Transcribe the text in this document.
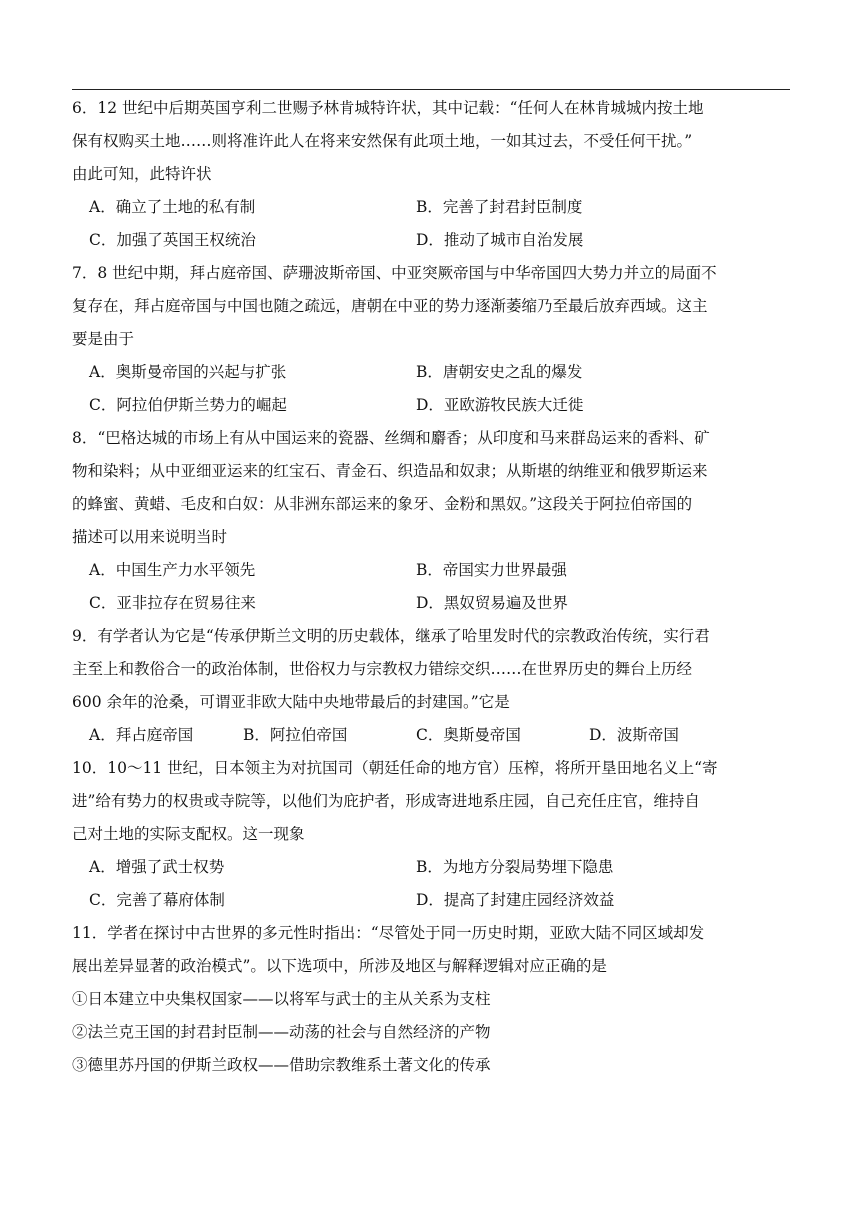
6．12 世纪中后期英国亨利二世赐予林肯城特许状，其中记载：“任何人在林肯城城内按土地
保有权购买土地……则将准许此人在将来安然保有此项土地，一如其过去，不受任何干扰。”
由此可知，此特许状
A．确立了土地的私有制	B．完善了封君封臣制度
C．加强了英国王权统治	D．推动了城市自治发展
7．8 世纪中期，拜占庭帝国、萨珊波斯帝国、中亚突厥帝国与中华帝国四大势力并立的局面不
复存在，拜占庭帝国与中国也随之疏远，唐朝在中亚的势力逐渐萎缩乃至最后放弃西域。这主
要是由于
A．奥斯曼帝国的兴起与扩张	B．唐朝安史之乱的爆发
C．阿拉伯伊斯兰势力的崛起	D．亚欧游牧民族大迁徙
8．“巴格达城的市场上有从中国运来的瓷器、丝绸和麝香；从印度和马来群岛运来的香料、矿
物和染料；从中亚细亚运来的红宝石、青金石、织造品和奴隶；从斯堪的纳维亚和俄罗斯运来
的蜂蜜、黄蜡、毛皮和白奴：从非洲东部运来的象牙、金粉和黑奴。”这段关于阿拉伯帝国的
描述可以用来说明当时
A．中国生产力水平领先	B．帝国实力世界最强
C．亚非拉存在贸易往来	D．黑奴贸易遍及世界
9．有学者认为它是“传承伊斯兰文明的历史载体，继承了哈里发时代的宗教政治传统，实行君
主至上和教俗合一的政治体制，世俗权力与宗教权力错综交织……在世界历史的舞台上历经
600 余年的沧桑，可谓亚非欧大陆中央地带最后的封建国。”它是
A．拜占庭帝国	B．阿拉伯帝国	C．奥斯曼帝国	D．波斯帝国
10．10～11 世纪，日本领主为对抗国司（朝廷任命的地方官）压榨，将所开垦田地名义上“寄
进”给有势力的权贵或寺院等，以他们为庇护者，形成寄进地系庄园，自己充任庄官，维持自
己对土地的实际支配权。这一现象
A．增强了武士权势	B．为地方分裂局势埋下隐患
C．完善了幕府体制	D．提高了封建庄园经济效益
11．学者在探讨中古世界的多元性时指出：“尽管处于同一历史时期，亚欧大陆不同区域却发
展出差异显著的政治模式”。以下选项中，所涉及地区与解释逻辑对应正确的是
①日本建立中央集权国家——以将军与武士的主从关系为支柱
②法兰克王国的封君封臣制——动荡的社会与自然经济的产物
③德里苏丹国的伊斯兰政权——借助宗教维系土著文化的传承
